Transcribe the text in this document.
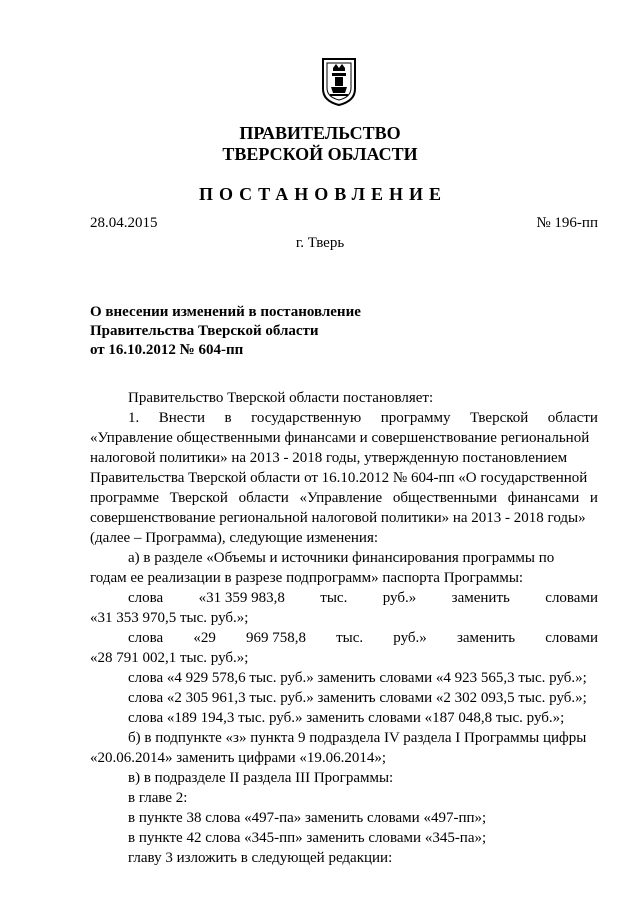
ПРАВИТЕЛЬСТВО
ТВЕРСКОЙ ОБЛАСТИ
ПОСТАНОВЛЕНИЕ
28.04.2015	№ 196-пп
г. Тверь
О внесении изменений в постановление
Правительства Тверской области
от 16.10.2012 № 604-пп
Правительство Тверской области постановляет:
1. Внести в государственную программу Тверской области
«Управление общественными финансами и совершенствование региональной
налоговой политики» на 2013 - 2018 годы, утвержденную постановлением
Правительства Тверской области от 16.10.2012 № 604-пп «О государственной
программе Тверской области «Управление общественными финансами и
совершенствование региональной налоговой политики» на 2013 - 2018 годы»
(далее – Программа), следующие изменения:
а) в разделе «Объемы и источники финансирования программы по
годам ее реализации в разрезе подпрограмм» паспорта Программы:
слова «31 359 983,8 тыс. руб.» заменить словами
«31 353 970,5 тыс. руб.»;
слова «29 969 758,8 тыс. руб.» заменить словами
«28 791 002,1 тыс. руб.»;
слова «4 929 578,6 тыс. руб.» заменить словами «4 923 565,3 тыс. руб.»;
слова «2 305 961,3 тыс. руб.» заменить словами «2 302 093,5 тыс. руб.»;
слова «189 194,3 тыс. руб.» заменить словами «187 048,8 тыс. руб.»;
б) в подпункте «з» пункта 9 подраздела IV раздела I Программы цифры
«20.06.2014» заменить цифрами «19.06.2014»;
в) в подразделе II раздела III Программы:
в главе 2:
в пункте 38 слова «497-па» заменить словами «497-пп»;
в пункте 42 слова «345-пп» заменить словами «345-па»;
главу 3 изложить в следующей редакции:
